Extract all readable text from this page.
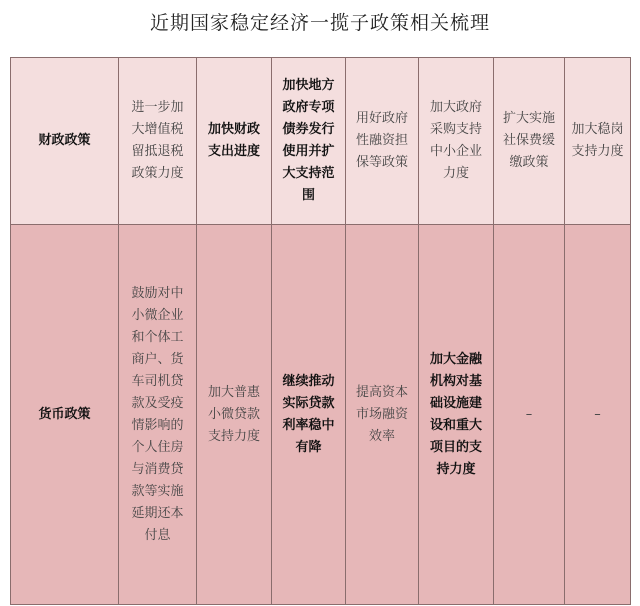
近期国家稳定经济一揽子政策相关梳理
财政政策	进一步加大增值税留抵退税政策力度	加快财政支出进度	加快地方政府专项债券发行使用并扩大支持范围	用好政府性融资担保等政策	加大政府采购支持中小企业力度	扩大实施社保费缓缴政策	加大稳岗支持力度
货币政策	鼓励对中小微企业和个体工商户、货车司机贷款及受疫情影响的个人住房与消费贷款等实施延期还本付息	加大普惠小微贷款支持力度	继续推动实际贷款利率稳中有降	提高资本市场融资效率	加大金融机构对基础设施建设和重大项目的支持力度	–	–
